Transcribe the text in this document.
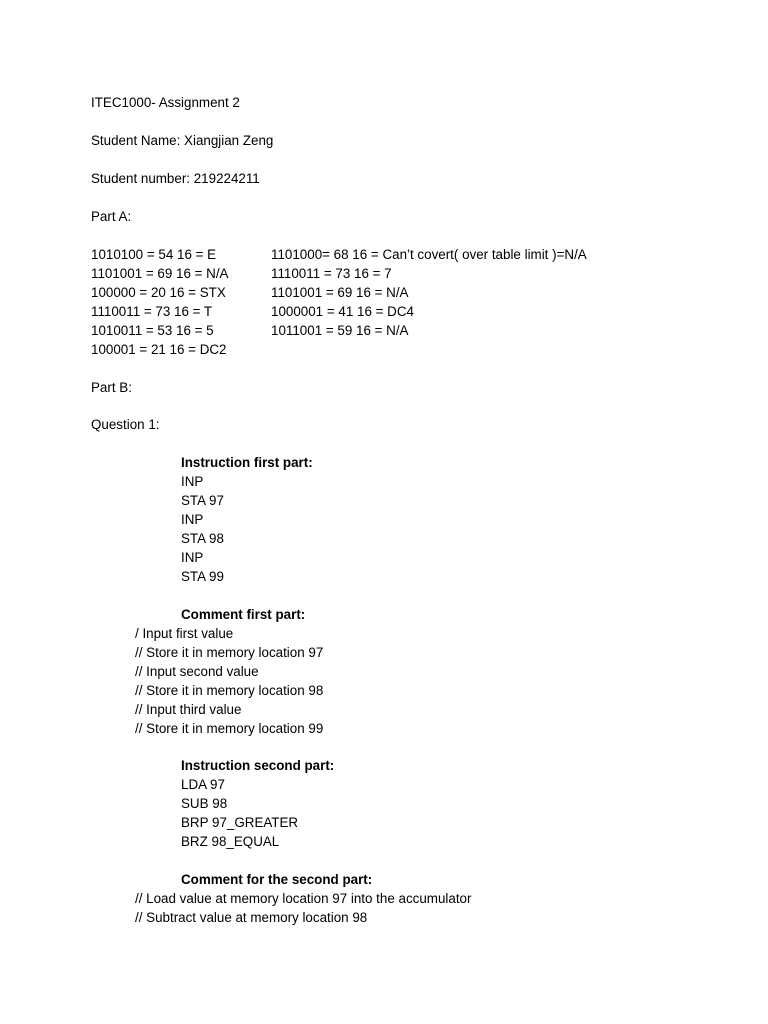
ITEC1000- Assignment 2
Student Name: Xiangjian Zeng
Student number: 219224211
Part A:
1010100 = 54 16 = E
1101001 = 69 16 = N/A
100000 = 20 16 = STX
1110011 = 73 16 = T
1010011 = 53 16 = 5
100001 = 21 16 = DC2
1101000= 68 16 = Can’t covert( over table limit )=N/A
1110011 = 73 16 = 7
1101001 = 69 16 = N/A
1000001 = 41 16 = DC4
1011001 = 59 16 = N/A
Part B:
Question 1:
Instruction first part:
INP
STA 97
INP
STA 98
INP
STA 99
Comment first part:
/ Input first value
// Store it in memory location 97
// Input second value
// Store it in memory location 98
// Input third value
// Store it in memory location 99
Instruction second part:
LDA 97
SUB 98
BRP 97_GREATER
BRZ 98_EQUAL
Comment for the second part:
// Load value at memory location 97 into the accumulator
// Subtract value at memory location 98
